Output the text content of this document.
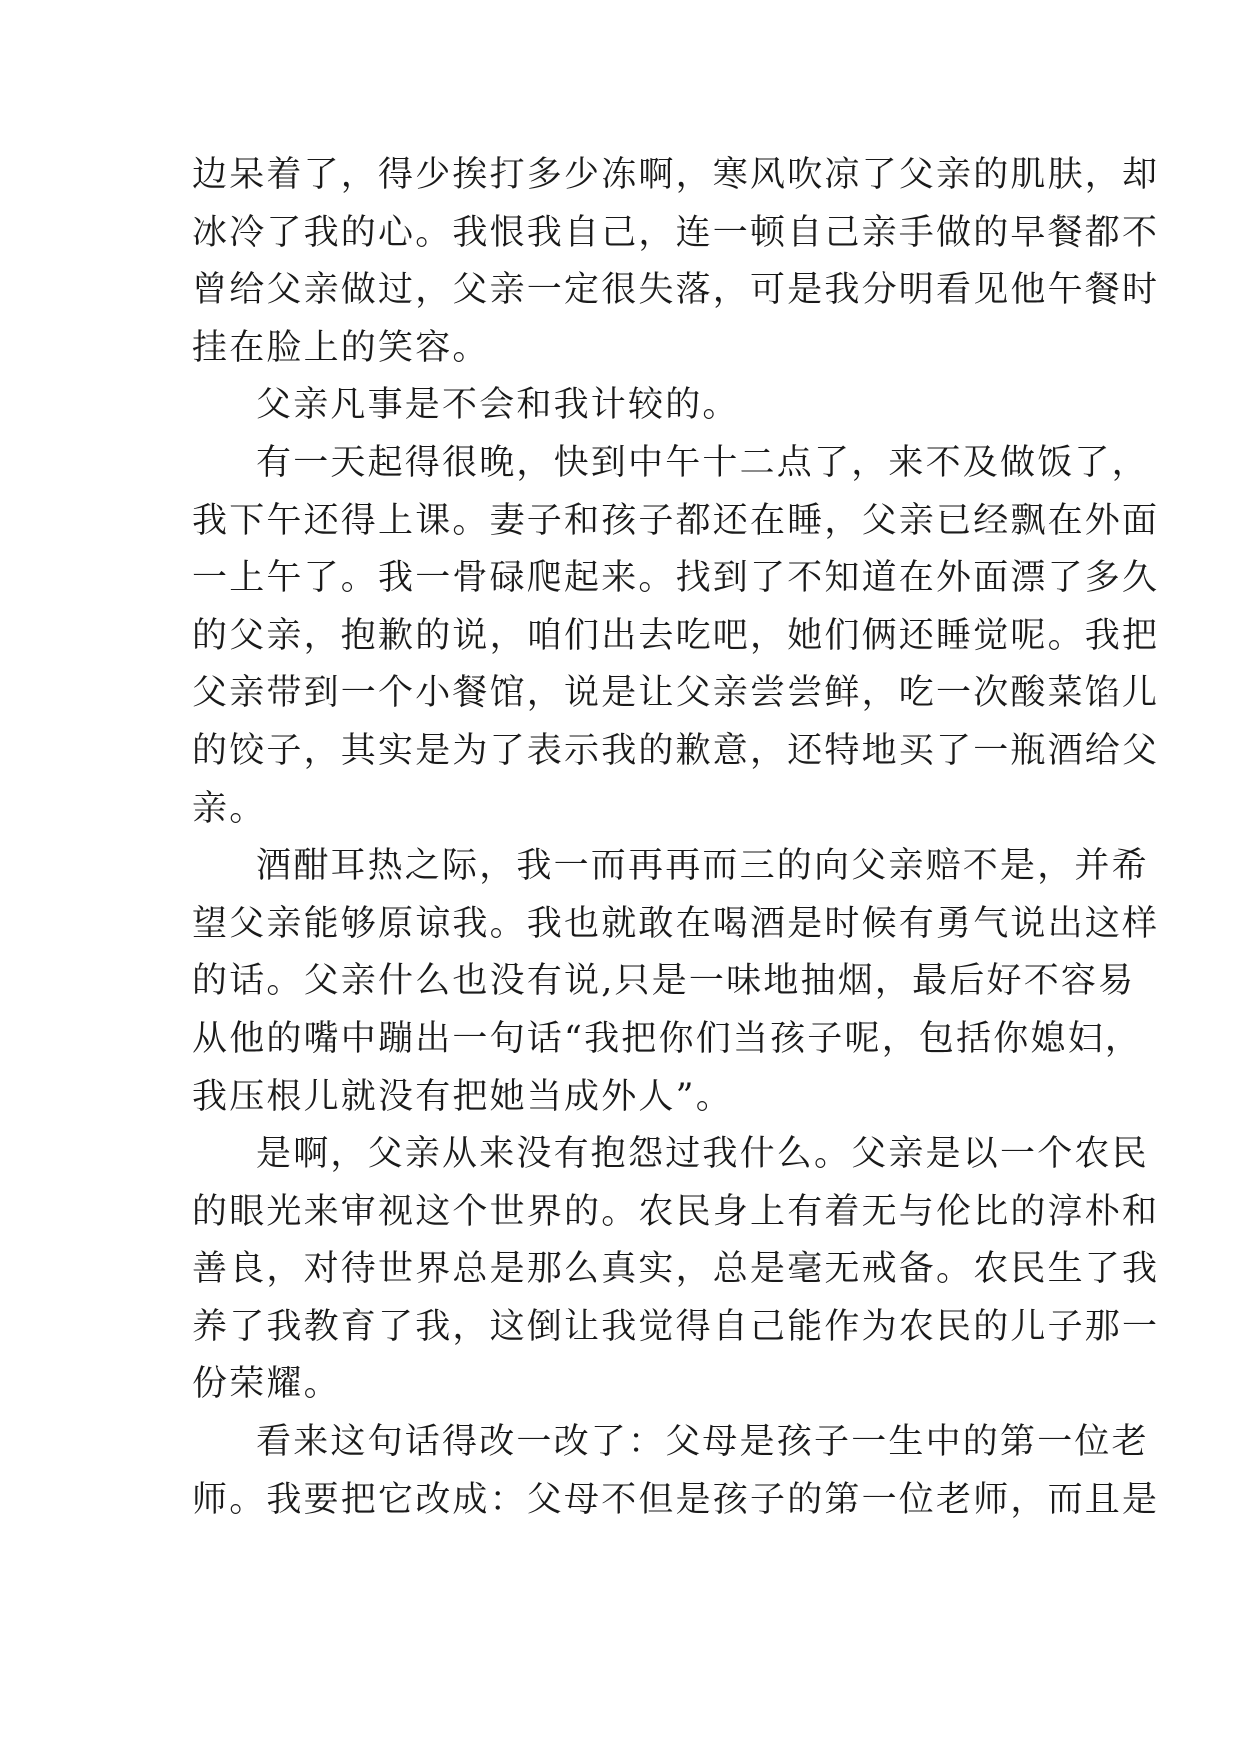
边呆着了，得少挨打多少冻啊，寒风吹凉了父亲的肌肤，却
冰冷了我的心。我恨我自己，连一顿自己亲手做的早餐都不
曾给父亲做过，父亲一定很失落，可是我分明看见他午餐时
挂在脸上的笑容。
父亲凡事是不会和我计较的。
有一天起得很晚，快到中午十二点了，来不及做饭了，
我下午还得上课。妻子和孩子都还在睡，父亲已经飘在外面
一上午了。我一骨碌爬起来。找到了不知道在外面漂了多久
的父亲，抱歉的说，咱们出去吃吧，她们俩还睡觉呢。我把
父亲带到一个小餐馆，说是让父亲尝尝鲜，吃一次酸菜馅儿
的饺子，其实是为了表示我的歉意，还特地买了一瓶酒给父
亲。
酒酣耳热之际，我一而再再而三的向父亲赔不是，并希
望父亲能够原谅我。我也就敢在喝酒是时候有勇气说出这样
的话。父亲什么也没有说,只是一味地抽烟，最后好不容易
从他的嘴中蹦出一句话“我把你们当孩子呢，包括你媳妇，
我压根儿就没有把她当成外人”。
是啊，父亲从来没有抱怨过我什么。父亲是以一个农民
的眼光来审视这个世界的。农民身上有着无与伦比的淳朴和
善良，对待世界总是那么真实，总是毫无戒备。农民生了我
养了我教育了我，这倒让我觉得自己能作为农民的儿子那一
份荣耀。
看来这句话得改一改了：父母是孩子一生中的第一位老
师。我要把它改成：父母不但是孩子的第一位老师，而且是
